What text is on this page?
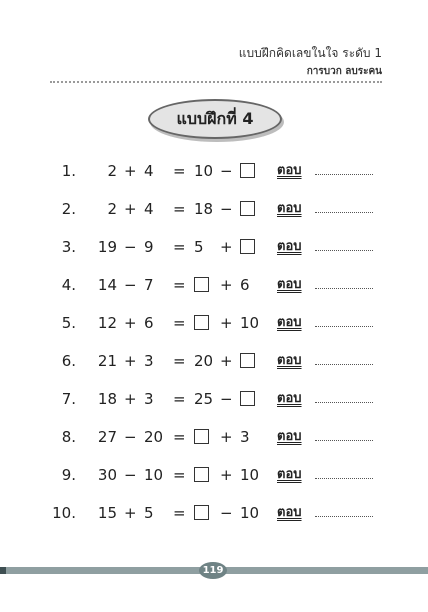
แบบฝึกคิดเลขในใจ ระดับ 1
การบวก ลบระคน
แบบฝึกที่ 4
1. 2 + 4 = 10 −	ตอบ
2. 2 + 4 = 18 −	ตอบ
3. 19 − 9 = 5 +	ตอบ
4. 14 − 7 = + 6 ตอบ
5. 12 + 6 = + 10 ตอบ
6. 21 + 3 = 20 +	ตอบ
7. 18 + 3 = 25 −	ตอบ
8. 27 − 20 = + 3 ตอบ
9. 30 − 10 = + 10 ตอบ
10. 15 + 5 = − 10 ตอบ
119
